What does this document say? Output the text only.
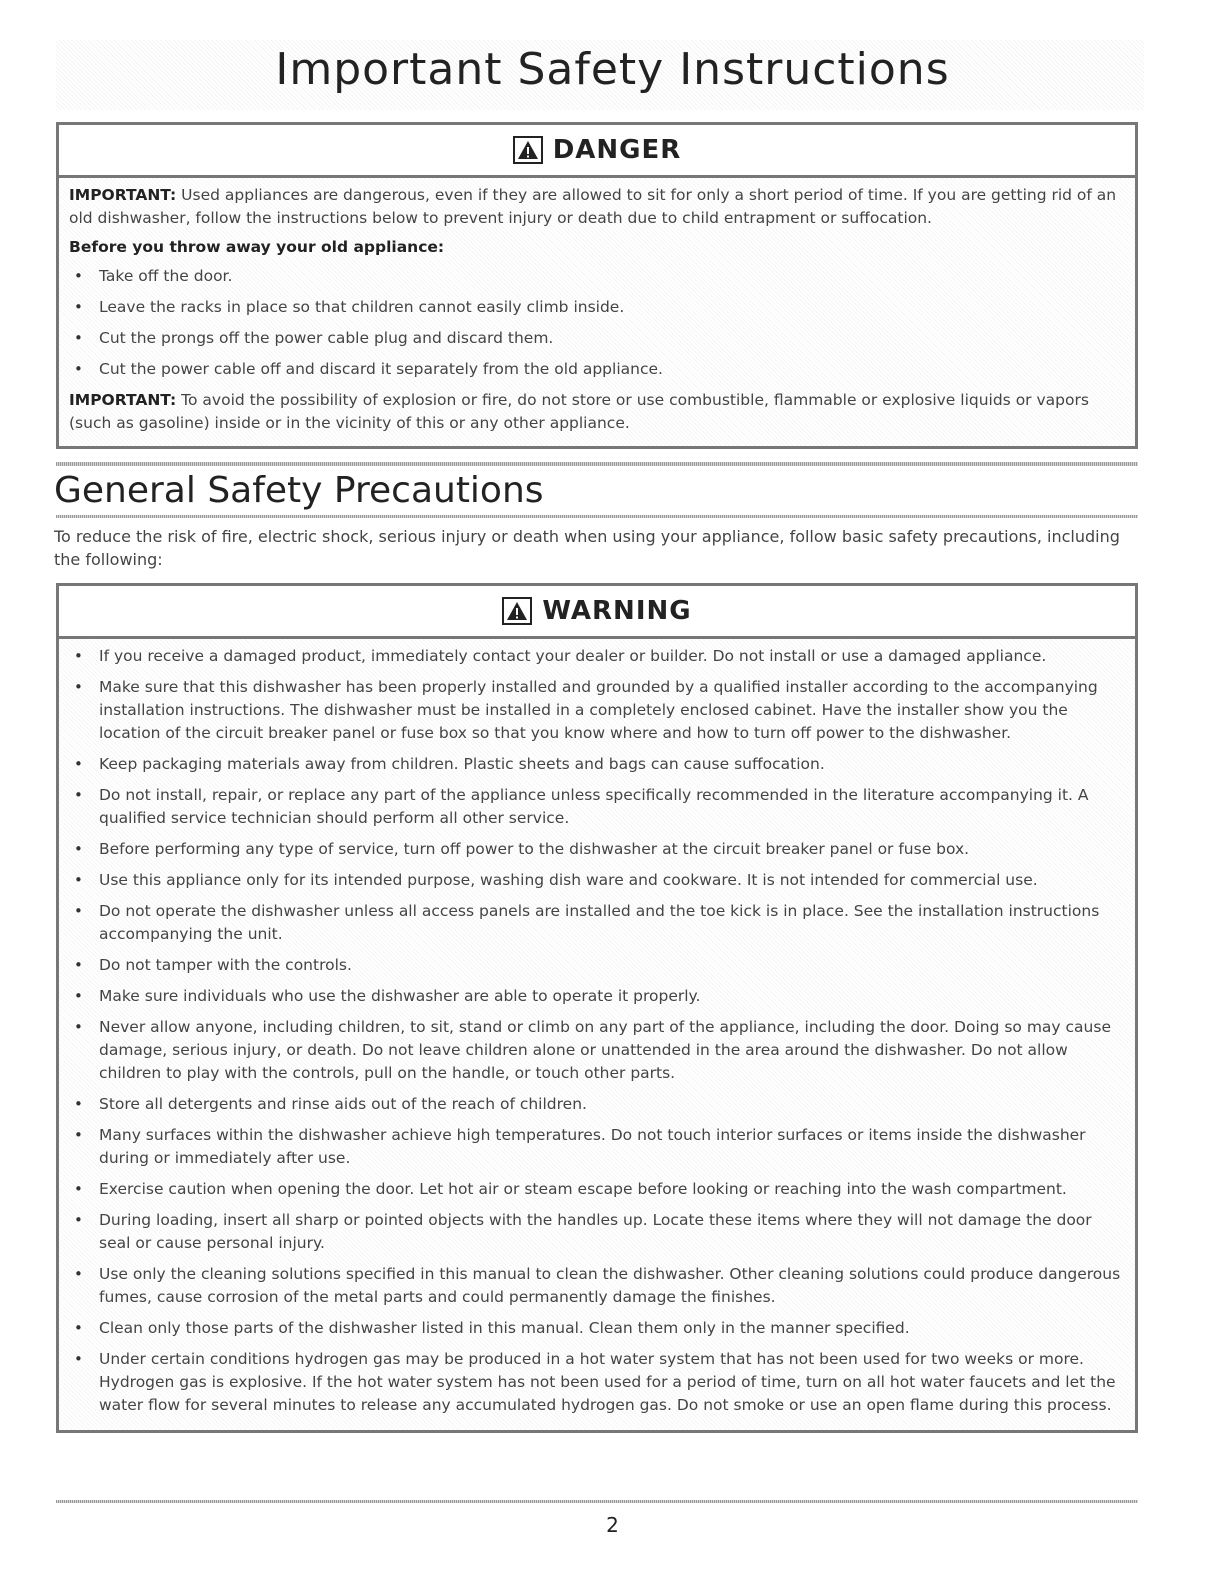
Important Safety Instructions
DANGER

IMPORTANT: Used appliances are dangerous, even if they are allowed to sit for only a short period of time. If you are getting rid of an old dishwasher, follow the instructions below to prevent injury or death due to child entrapment or suffocation.

Before you throw away your old appliance:

• Take off the door.
• Leave the racks in place so that children cannot easily climb inside.
• Cut the prongs off the power cable plug and discard them.
• Cut the power cable off and discard it separately from the old appliance.

IMPORTANT: To avoid the possibility of explosion or fire, do not store or use combustible, flammable or explosive liquids or vapors (such as gasoline) inside or in the vicinity of this or any other appliance.

General Safety Precautions

To reduce the risk of fire, electric shock, serious injury or death when using your appliance, follow basic safety precautions, including the following:

WARNING
• If you receive a damaged product, immediately contact your dealer or builder. Do not install or use a damaged appliance.
• Make sure that this dishwasher has been properly installed and grounded by a qualified installer according to the accompanying installation instructions. The dishwasher must be installed in a completely enclosed cabinet. Have the installer show you the location of the circuit breaker panel or fuse box so that you know where and how to turn off power to the dishwasher.
• Keep packaging materials away from children. Plastic sheets and bags can cause suffocation.
• Do not install, repair, or replace any part of the appliance unless specifically recommended in the literature accompanying it. A qualified service technician should perform all other service.
• Before performing any type of service, turn off power to the dishwasher at the circuit breaker panel or fuse box.
• Use this appliance only for its intended purpose, washing dish ware and cookware. It is not intended for commercial use.
• Do not operate the dishwasher unless all access panels are installed and the toe kick is in place. See the installation instructions accompanying the unit.
• Do not tamper with the controls.
• Make sure individuals who use the dishwasher are able to operate it properly.
• Never allow anyone, including children, to sit, stand or climb on any part of the appliance, including the door. Doing so may cause damage, serious injury, or death. Do not leave children alone or unattended in the area around the dishwasher. Do not allow children to play with the controls, pull on the handle, or touch other parts.
• Store all detergents and rinse aids out of the reach of children.
• Many surfaces within the dishwasher achieve high temperatures. Do not touch interior surfaces or items inside the dishwasher during or immediately after use.
• Exercise caution when opening the door. Let hot air or steam escape before looking or reaching into the wash compartment.
• During loading, insert all sharp or pointed objects with the handles up. Locate these items where they will not damage the door seal or cause personal injury.
• Use only the cleaning solutions specified in this manual to clean the dishwasher. Other cleaning solutions could produce dangerous fumes, cause corrosion of the metal parts and could permanently damage the finishes.
• Clean only those parts of the dishwasher listed in this manual. Clean them only in the manner specified.
• Under certain conditions hydrogen gas may be produced in a hot water system that has not been used for two weeks or more. Hydrogen gas is explosive. If the hot water system has not been used for a period of time, turn on all hot water faucets and let the water flow for several minutes to release any accumulated hydrogen gas. Do not smoke or use an open flame during this process.

2
